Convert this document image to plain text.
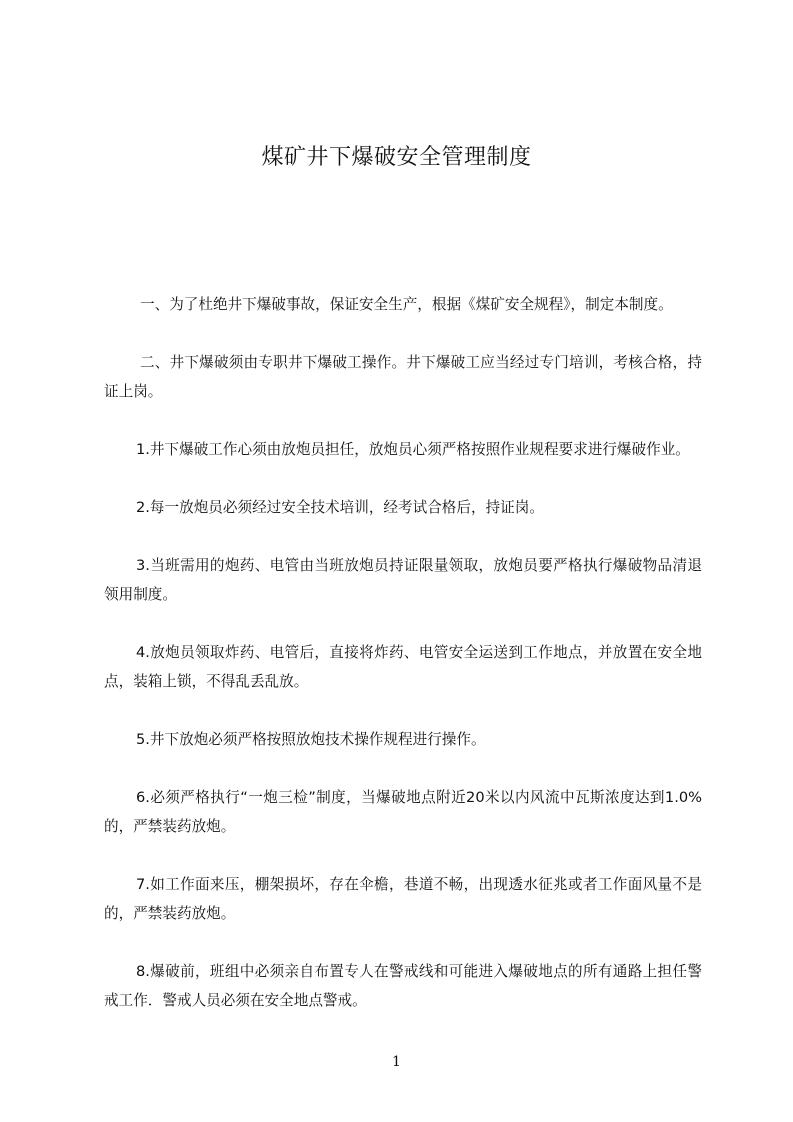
煤矿井下爆破安全管理制度

一、为了杜绝井下爆破事故，保证安全生产，根据《煤矿安全规程》，制定本制度。

二、井下爆破须由专职井下爆破工操作。井下爆破工应当经过专门培训，考核合格，持证上岗。

1.井下爆破工作心须由放炮员担任，放炮员心须严格按照作业规程要求进行爆破作业。

2.每一放炮员必须经过安全技术培训，经考试合格后，持证岗。

3.当班需用的炮药、电管由当班放炮员持证限量领取，放炮员要严格执行爆破物品清退领用制度。

4.放炮员领取炸药、电管后，直接将炸药、电管安全运送到工作地点，并放置在安全地点，装箱上锁，不得乱丢乱放。

5.井下放炮必须严格按照放炮技术操作规程进行操作。

6.必须严格执行“一炮三检”制度，当爆破地点附近20米以内风流中瓦斯浓度达到1.0%的，严禁装药放炮。

7.如工作面来压，棚架损坏，存在伞檐，巷道不畅，出现透水征兆或者工作面风量不是的，严禁装药放炮。

8.爆破前，班组中必须亲自布置专人在警戒线和可能进入爆破地点的所有通路上担任警戒工作．警戒人员必须在安全地点警戒。

1
